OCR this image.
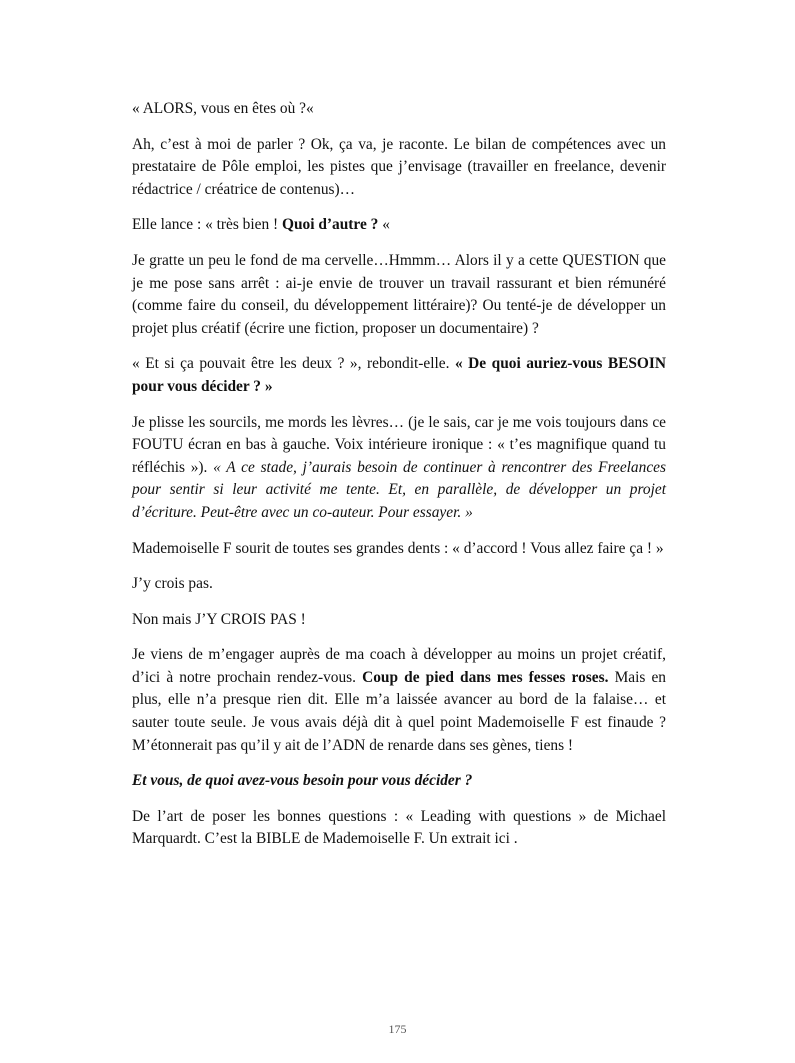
« ALORS, vous en êtes où ?«

Ah, c’est à moi de parler ? Ok, ça va, je raconte. Le bilan de compétences avec un prestataire de Pôle emploi, les pistes que j’envisage (travailler en freelance, devenir rédactrice / créatrice de contenus)…

Elle lance : « très bien ! Quoi d’autre ? «

Je gratte un peu le fond de ma cervelle…Hmmm… Alors il y a cette QUESTION que je me pose sans arrêt : ai-je envie de trouver un travail rassurant et bien rémunéré (comme faire du conseil, du développement littéraire)? Ou tenté-je de développer un projet plus créatif (écrire une fiction, proposer un documentaire) ?

« Et si ça pouvait être les deux ? », rebondit-elle. « De quoi auriez-vous BESOIN pour vous décider ? »

Je plisse les sourcils, me mords les lèvres… (je le sais, car je me vois toujours dans ce FOUTU écran en bas à gauche. Voix intérieure ironique : « t’es magnifique quand tu réfléchis »). « A ce stade, j’aurais besoin de continuer à rencontrer des Freelances pour sentir si leur activité me tente. Et, en parallèle, de développer un projet d’écriture. Peut-être avec un co-auteur. Pour essayer. »

Mademoiselle F sourit de toutes ses grandes dents : « d’accord ! Vous allez faire ça ! »

J’y crois pas.

Non mais J’Y CROIS PAS !

Je viens de m’engager auprès de ma coach à développer au moins un projet créatif, d’ici à notre prochain rendez-vous. Coup de pied dans mes fesses roses. Mais en plus, elle n’a presque rien dit. Elle m’a laissée avancer au bord de la falaise… et sauter toute seule. Je vous avais déjà dit à quel point Mademoiselle F est finaude ? M’étonnerait pas qu’il y ait de l’ADN de renarde dans ses gènes, tiens !

Et vous, de quoi avez-vous besoin pour vous décider ?

De l’art de poser les bonnes questions : « Leading with questions » de Michael Marquardt. C’est la BIBLE de Mademoiselle F. Un extrait ici .

175
